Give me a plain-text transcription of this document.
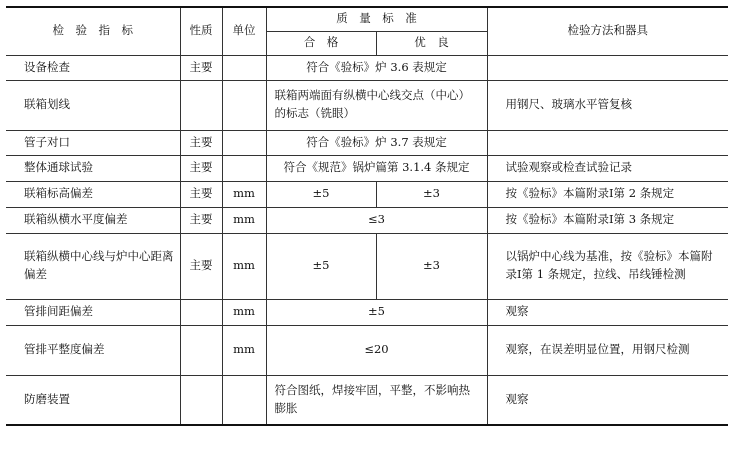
检　验　指　标	性质	单位	质　量　标　准		检验方法和器具
			合　格	优　良	
设备检查	主要		符合《验标》炉 3.6 表规定		
联箱划线			联箱两端面有纵横中心线交点（中心）的标志（铣眼）		用钢尺、玻璃水平管复核
管子对口	主要		符合《验标》炉 3.7 表规定		
整体通球试验	主要		符合《规范》锅炉篇第 3.1.4 条规定		试验观察或检查试验记录
联箱标高偏差	主要	mm	±5	±3	按《验标》本篇附录Ⅰ第 2 条规定
联箱纵横水平度偏差	主要	mm	≤3		按《验标》本篇附录Ⅰ第 3 条规定
联箱纵横中心线与炉中心距离偏差	主要	mm	±5	±3	以锅炉中心线为基准，按《验标》本篇附录Ⅰ第 1 条规定，拉线、吊线锤检测
管排间距偏差		mm	±5		观察
管排平整度偏差		mm	≤20		观察，在误差明显位置，用钢尺检测
防磨装置			符合图纸，焊接牢固，平整，不影响热膨胀		观察
